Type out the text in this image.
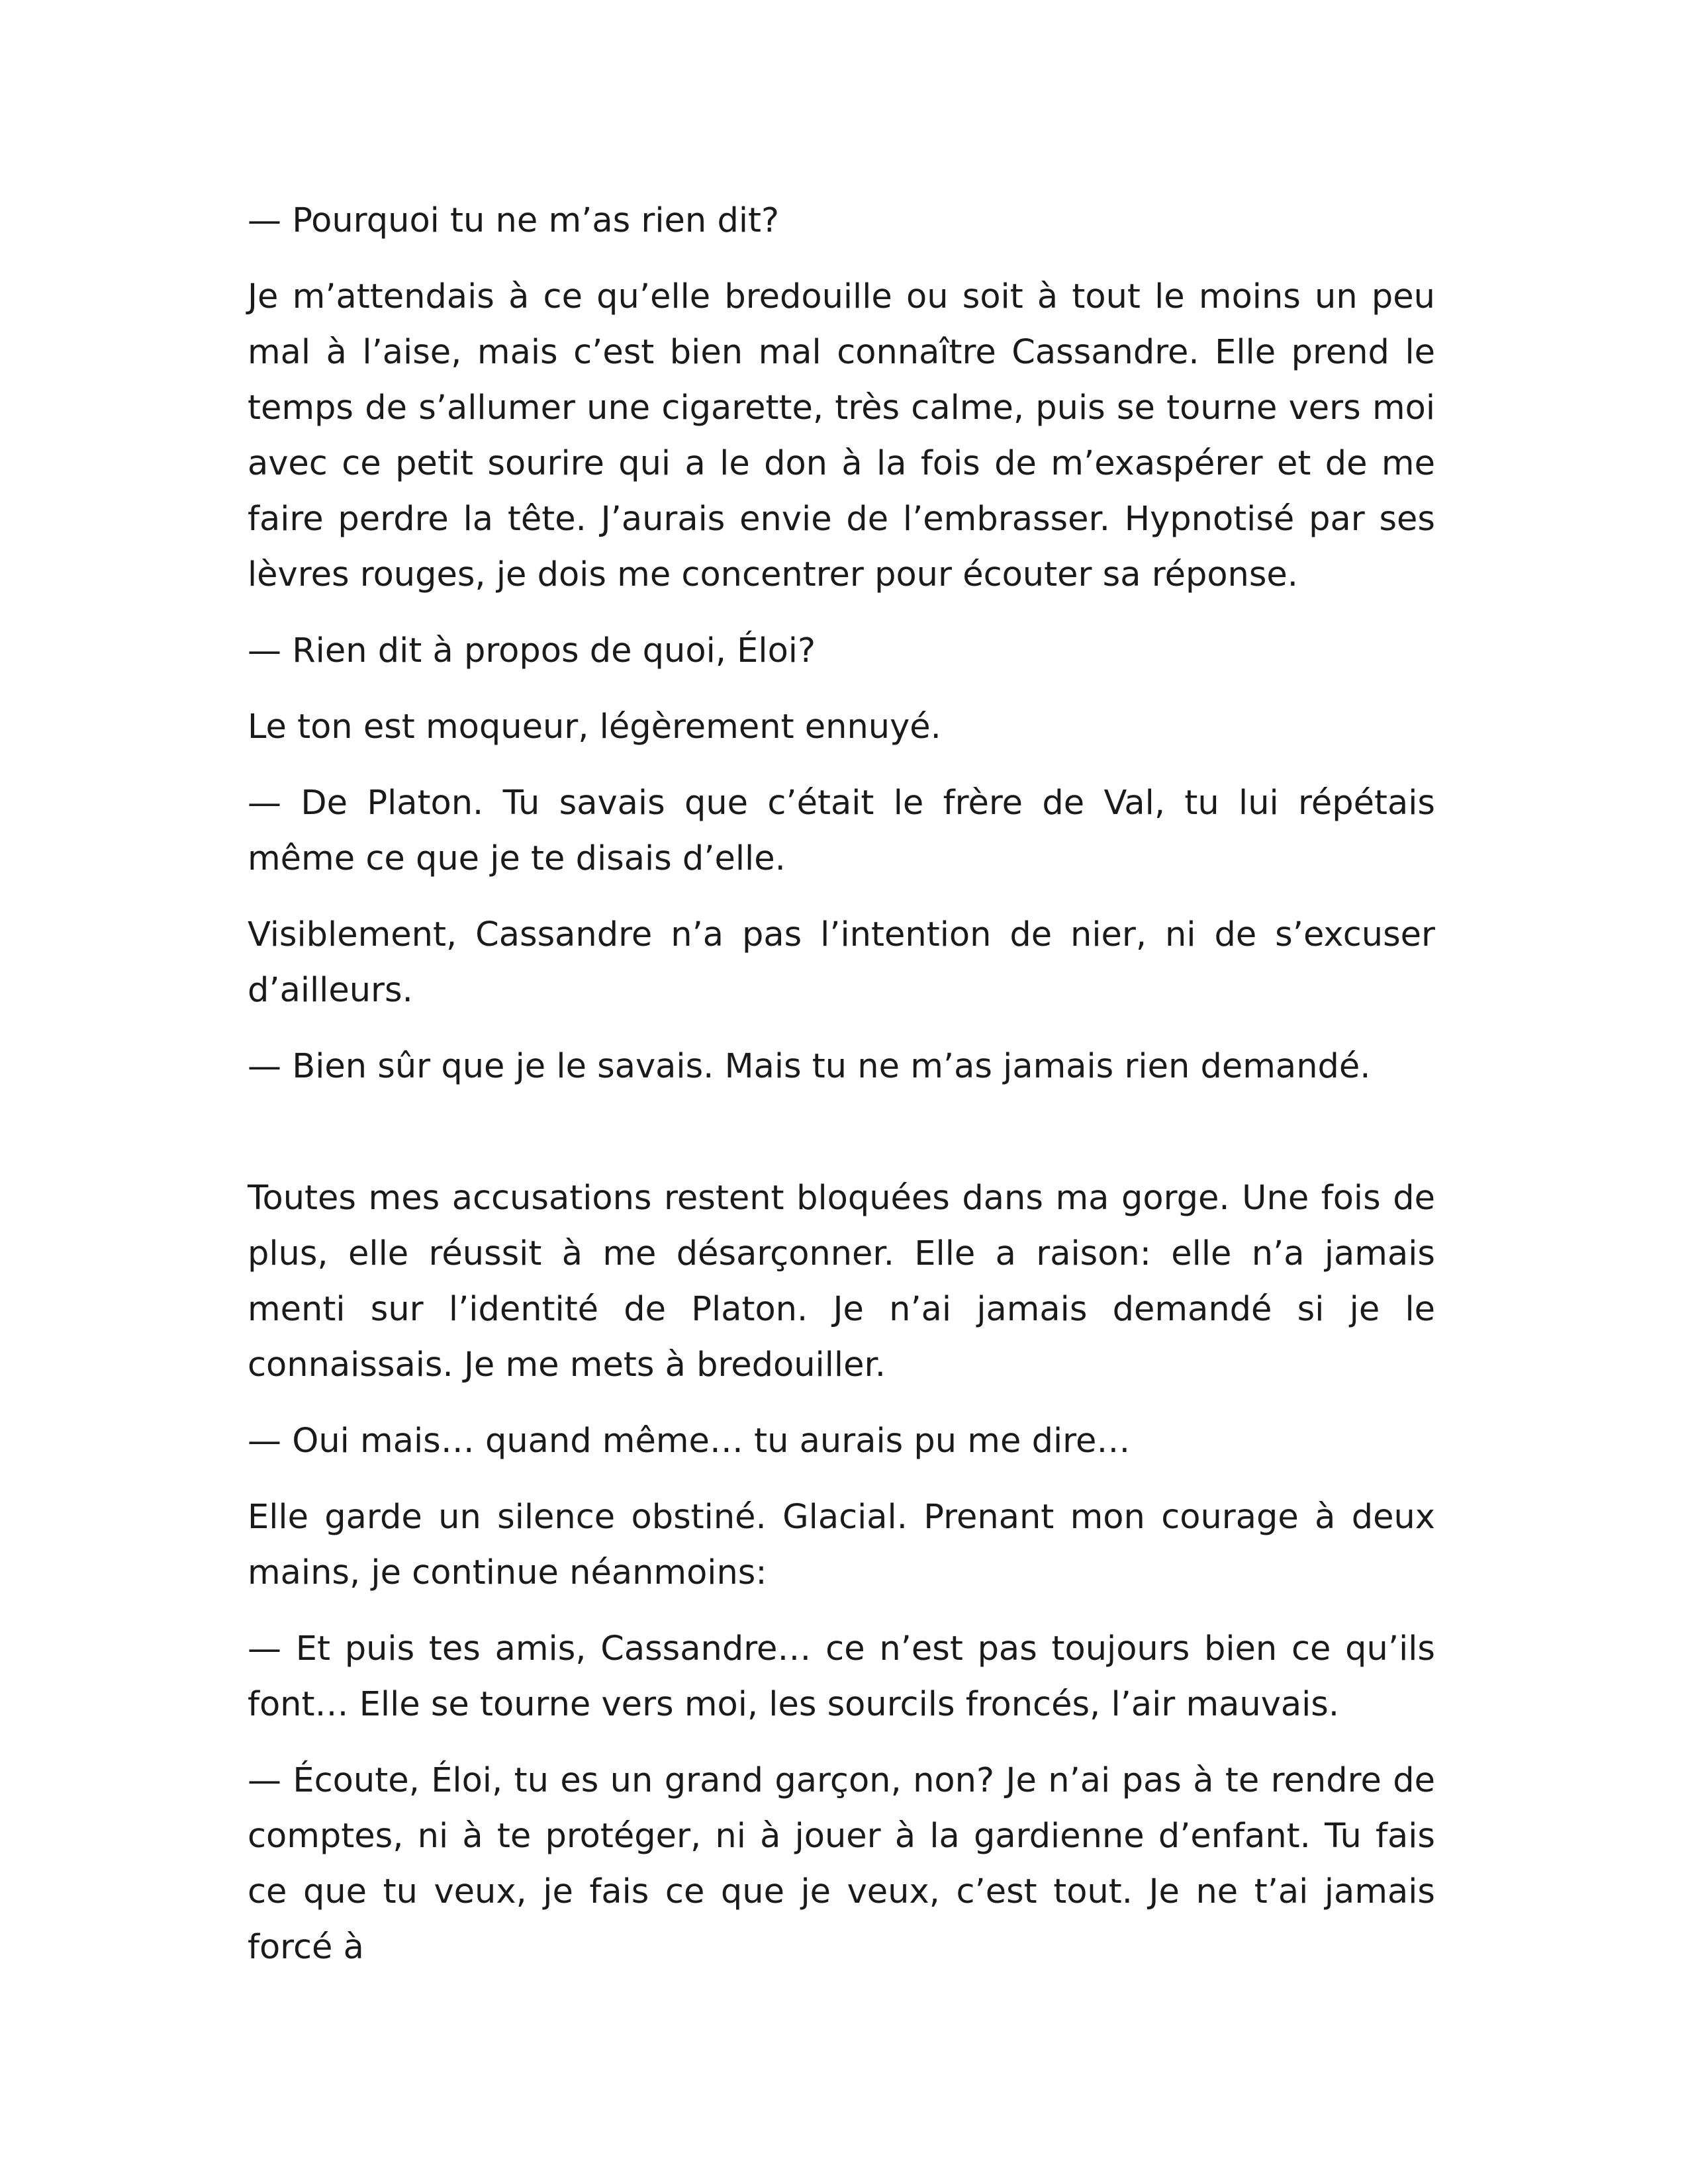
— Pourquoi tu ne m’as rien dit?

Je m’attendais à ce qu’elle bredouille ou soit à tout le moins un peu mal à l’aise, mais c’est bien mal connaître Cassandre. Elle prend le temps de s’allumer une cigarette, très calme, puis se tourne vers moi avec ce petit sourire qui a le don à la fois de m’exaspérer et de me faire perdre la tête. J’aurais envie de l’embrasser. Hypnotisé par ses lèvres rouges, je dois me concentrer pour écouter sa réponse.

— Rien dit à propos de quoi, Éloi?

Le ton est moqueur, légèrement ennuyé.

— De Platon. Tu savais que c’était le frère de Val, tu lui répétais même ce que je te disais d’elle.

Visiblement, Cassandre n’a pas l’intention de nier, ni de s’excuser d’ailleurs.

— Bien sûr que je le savais. Mais tu ne m’as jamais rien demandé.

Toutes mes accusations restent bloquées dans ma gorge. Une fois de plus, elle réussit à me désarçonner. Elle a raison: elle n’a jamais menti sur l’identité de Platon. Je n’ai jamais demandé si je le connaissais. Je me mets à bredouiller.

— Oui mais… quand même… tu aurais pu me dire…

Elle garde un silence obstiné. Glacial. Prenant mon courage à deux mains, je continue néanmoins:

— Et puis tes amis, Cassandre… ce n’est pas toujours bien ce qu’ils font… Elle se tourne vers moi, les sourcils froncés, l’air mauvais.

— Écoute, Éloi, tu es un grand garçon, non? Je n’ai pas à te rendre de comptes, ni à te protéger, ni à jouer à la gardienne d’enfant. Tu fais ce que tu veux, je fais ce que je veux, c’est tout. Je ne t’ai jamais forcé à
